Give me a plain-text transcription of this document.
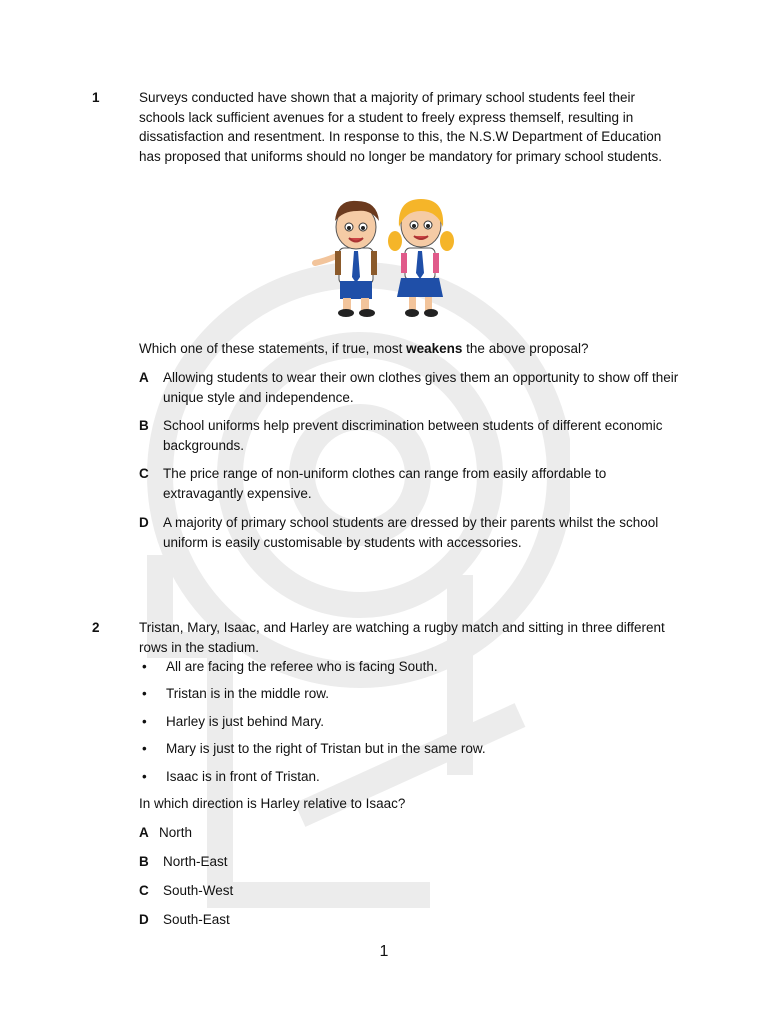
1	Surveys conducted have shown that a majority of primary school students feel their schools lack sufficient avenues for a student to freely express themself, resulting in dissatisfaction and resentment. In response to this, the N.S.W Department of Education has proposed that uniforms should no longer be mandatory for primary school students.
Which one of these statements, if true, most weakens the above proposal?
A	Allowing students to wear their own clothes gives them an opportunity to show off their unique style and independence.
B	School uniforms help prevent discrimination between students of different economic backgrounds.
C	The price range of non-uniform clothes can range from easily affordable to extravagantly expensive.
D	A majority of primary school students are dressed by their parents whilst the school uniform is easily customisable by students with accessories.
2	Tristan, Mary, Isaac, and Harley are watching a rugby match and sitting in three different rows in the stadium.
• All are facing the referee who is facing South.
• Tristan is in the middle row.
• Harley is just behind Mary.
• Mary is just to the right of Tristan but in the same row.
• Isaac is in front of Tristan.
In which direction is Harley relative to Isaac?
A North
B	North-East
C	South-West
D	South-East
1
